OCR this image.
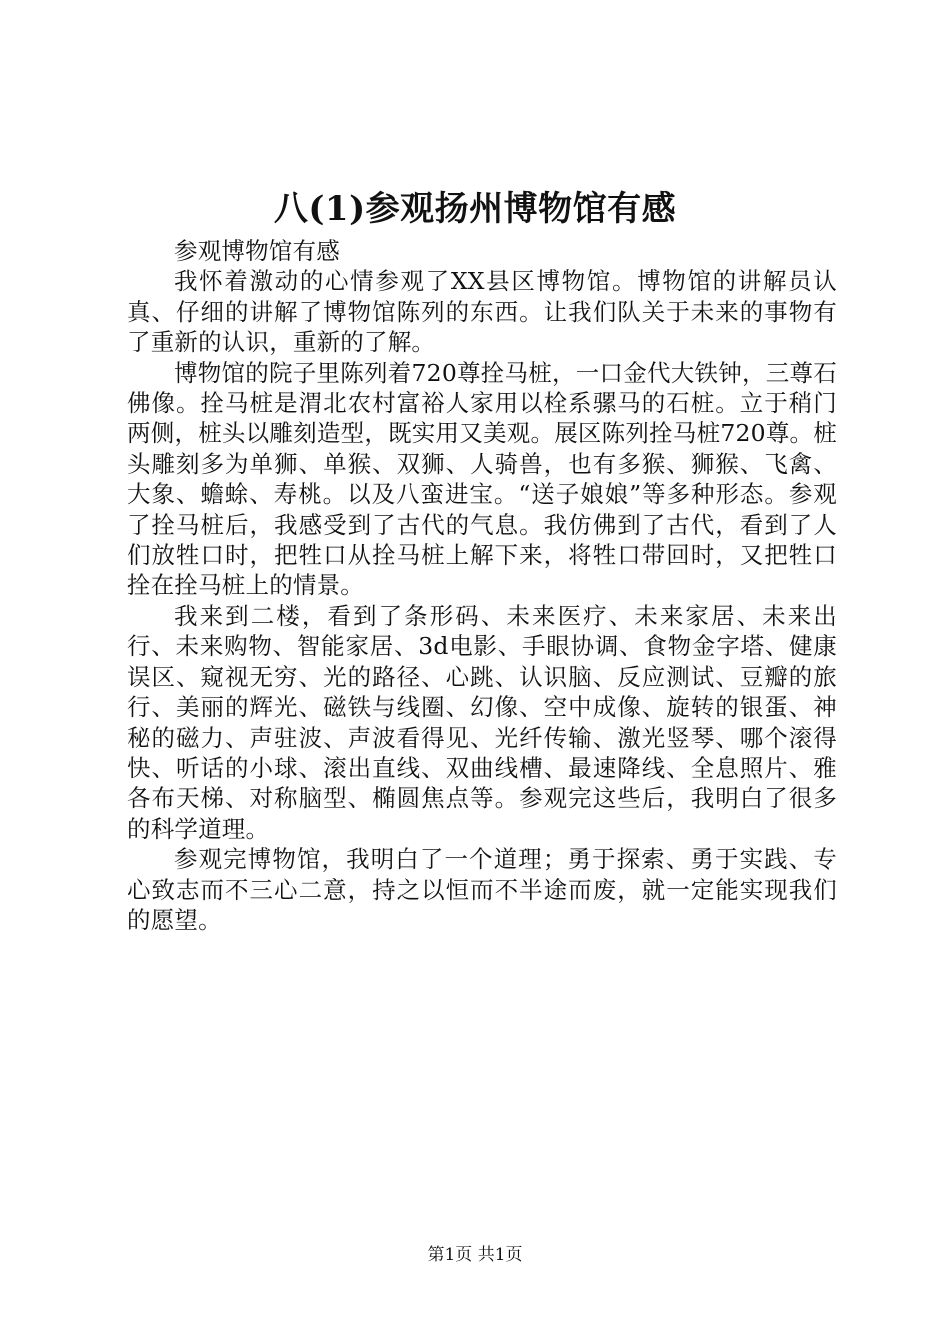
八(1)参观扬州博物馆有感

参观博物馆有感

我怀着激动的心情参观了XX县区博物馆。博物馆的讲解员认真、仔细的讲解了博物馆陈列的东西。让我们队关于未来的事物有了重新的认识，重新的了解。

博物馆的院子里陈列着720尊拴马桩，一口金代大铁钟，三尊石佛像。拴马桩是渭北农村富裕人家用以栓系骡马的石桩。立于稍门两侧，桩头以雕刻造型，既实用又美观。展区陈列拴马桩720尊。桩头雕刻多为单狮、单猴、双狮、人骑兽，也有多猴、狮猴、飞禽、大象、蟾蜍、寿桃。以及八蛮进宝。“送子娘娘”等多种形态。参观了拴马桩后，我感受到了古代的气息。我仿佛到了古代，看到了人们放牲口时，把牲口从拴马桩上解下来，将牲口带回时，又把牲口拴在拴马桩上的情景。

我来到二楼，看到了条形码、未来医疗、未来家居、未来出行、未来购物、智能家居、3d电影、手眼协调、食物金字塔、健康误区、窥视无穷、光的路径、心跳、认识脑、反应测试、豆瓣的旅行、美丽的辉光、磁铁与线圈、幻像、空中成像、旋转的银蛋、神秘的磁力、声驻波、声波看得见、光纤传输、激光竖琴、哪个滚得快、听话的小球、滚出直线、双曲线槽、最速降线、全息照片、雅各布天梯、对称脑型、椭圆焦点等。参观完这些后，我明白了很多的科学道理。

参观完博物馆，我明白了一个道理；勇于探索、勇于实践、专心致志而不三心二意，持之以恒而不半途而废，就一定能实现我们的愿望。

第1页 共1页
